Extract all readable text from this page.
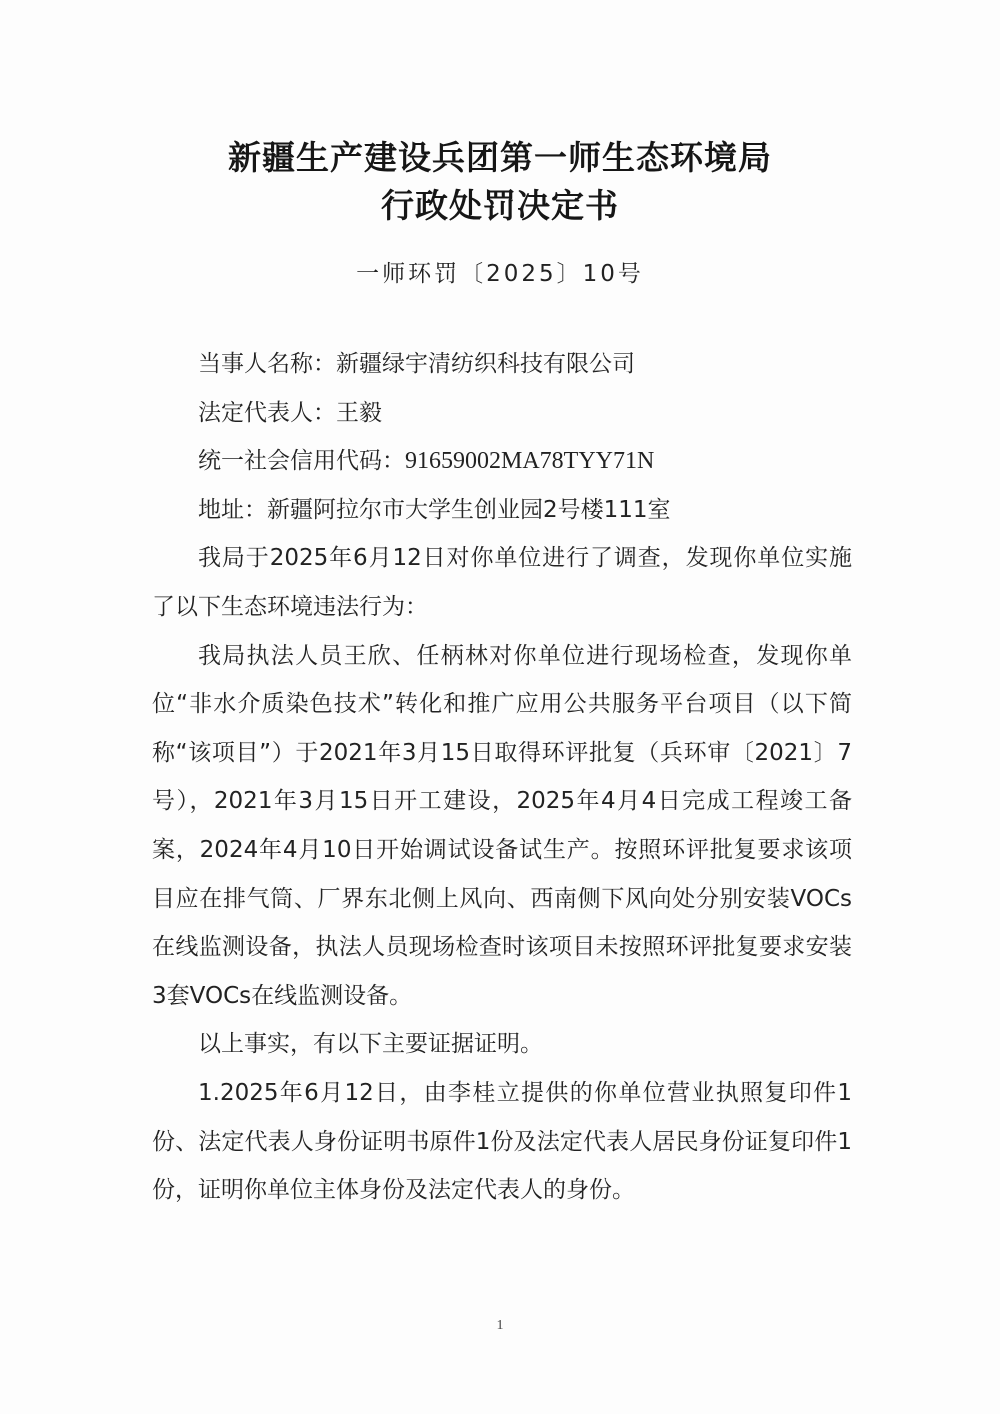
新疆生产建设兵团第一师生态环境局
行政处罚决定书
一师环罚〔2025〕10号
当事人名称：新疆绿宇清纺织科技有限公司
法定代表人：王毅
统一社会信用代码：91659002MA78TYY71N
地址：新疆阿拉尔市大学生创业园2号楼111室

我局于2025年6月12日对你单位进行了调查，发现你单位实施了以下生态环境违法行为：

我局执法人员王欣、任柄林对你单位进行现场检查，发现你单位“非水介质染色技术”转化和推广应用公共服务平台项目（以下简称“该项目”）于2021年3月15日取得环评批复（兵环审〔2021〕7号），2021年3月15日开工建设，2025年4月4日完成工程竣工备案，2024年4月10日开始调试设备试生产。按照环评批复要求该项目应在排气筒、厂界东北侧上风向、西南侧下风向处分别安装VOCs在线监测设备，执法人员现场检查时该项目未按照环评批复要求安装3套VOCs在线监测设备。

以上事实，有以下主要证据证明。

1.2025年6月12日，由李桂立提供的你单位营业执照复印件1份、法定代表人身份证明书原件1份及法定代表人居民身份证复印件1份，证明你单位主体身份及法定代表人的身份。

1
